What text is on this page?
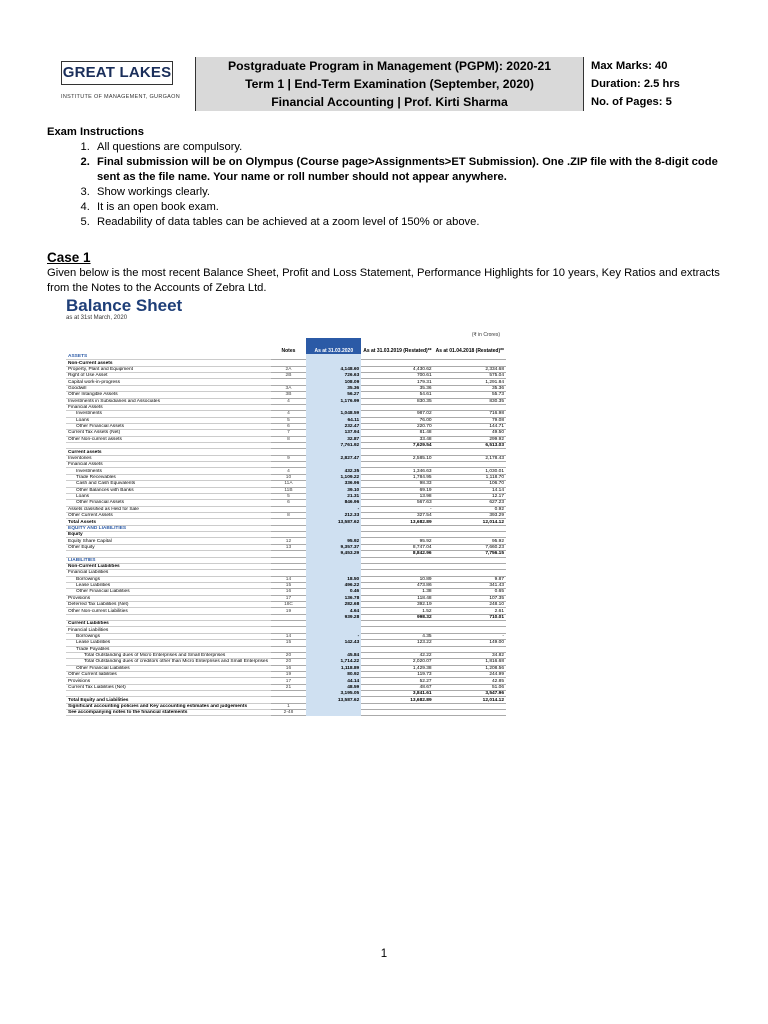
GREAT LAKES
INSTITUTE OF MANAGEMENT, GURGAON
Postgraduate Program in Management (PGPM): 2020-21
Term 1 | End-Term Examination (September, 2020)
Financial Accounting | Prof. Kirti Sharma
Max Marks: 40
Duration: 2.5 hrs
No. of Pages: 5
Exam Instructions
1. All questions are compulsory.
2. Final submission will be on Olympus (Course page>Assignments>ET Submission). One .ZIP file with the 8-digit code sent as the file name. Your name or roll number should not appear anywhere.
3. Show workings clearly.
4. It is an open book exam.
5. Readability of data tables can be achieved at a zoom level of 150% or above.
Case 1
Given below is the most recent Balance Sheet, Profit and Loss Statement, Performance Highlights for 10 years, Key Ratios and extracts from the Notes to the Accounts of Zebra Ltd.
Balance Sheet
as at 31st March, 2020
(₹ in Crores)
	Notes	As at 31.03.2020	As at 31.03.2019 (Restated)**	As at 01.04.2018 (Restated)**
ASSETS				
Non-Current assets				
Property, Plant and Equipment	2A	4,148.60	4,430.62	2,334.68
Right of Use Asset	2B	726.63	700.61	575.04
Capital work-in-progress		108.09	179.31	1,291.84
Goodwill	3A	35.36	35.36	35.36
Other Intangible Assets	3B	56.27	54.61	55.73
Investments in Subsidiaries and Associates	4	1,176.99	830.35	830.35
Financial Assets				
Investments	4	1,048.59	987.02	716.98
Loans	5	64.11	76.00	79.08
Other Financial Assets	6	232.47	220.70	144.71
Current Tax Assets (Net)	7	137.94	81.48	49.50
Other Non-current assets	8	32.87	33.48	299.92
		7,761.92	7,629.54	6,513.03
Current assets				
Inventories	9	2,827.47	2,585.10	2,178.43
Financial Assets				
Investments	4	432.35	1,346.63	1,030.01
Trade Receivables	10	1,109.22	1,784.95	1,118.70
Cash and Cash Equivalents	11A	336.96	98.33	106.70
Other Balances with Banks	11B	39.10	69.19	14.14
Loans	5	21.31	13.98	12.17
Other Financial Assets	6	846.96	567.63	627.23
Assets classified as Held for Sale		-	-	0.92
Other Current Assets	8	212.33	327.54	393.29
Total Assets		13,587.62	13,682.89	12,014.12
EQUITY AND LIABILITIES				
Equity				
Equity Share Capital	12	95.92	95.92	95.92
Other Equity	13	9,357.37	8,747.04	7,660.23
		9,453.29	8,842.96	7,756.15
LIABILITIES				
Non-Current Liabilities				
Financial Liabilities				
Borrowings	14	18.50	10.89	9.87
Lease Liabilities	15	496.22	473.86	341.43
Other Financial Liabilities	16	0.46	1.38	0.65
Provisions	17	136.78	118.48	107.35
Deferred Tax Liabilities (Net)	18C	282.68	392.19	248.10
Other Non-current Liabilities	19	4.64	1.52	2.61
		939.28	998.32	710.01
Current Liabilities				
Financial Liabilities				
Borrowings	14	-	4.35	-
Lease Liabilities	15	142.43	123.22	149.00
Trade Payables				
Total Outstanding dues of Micro Enterprises and Small Enterprises	20	45.84	42.22	34.82
Total Outstanding dues of creditors other than Micro Enterprises and Small Enterprises	20	1,714.22	2,020.07	1,816.68
Other Financial Liabilities	16	1,118.89	1,429.38	1,208.56
Other Current liabilities	19	80.92	119.73	244.99
Provisions	17	44.14	52.27	42.85
Current Tax Liabilities (Net)	21	48.59	48.67	51.06
		3,195.05	3,841.61	3,547.96
Total Equity and Liabilities		13,587.62	13,682.89	12,014.12
Significant accounting policies and Key accounting estimates and judgements	1			
See accompanying notes to the financial statements	2-48			
1
